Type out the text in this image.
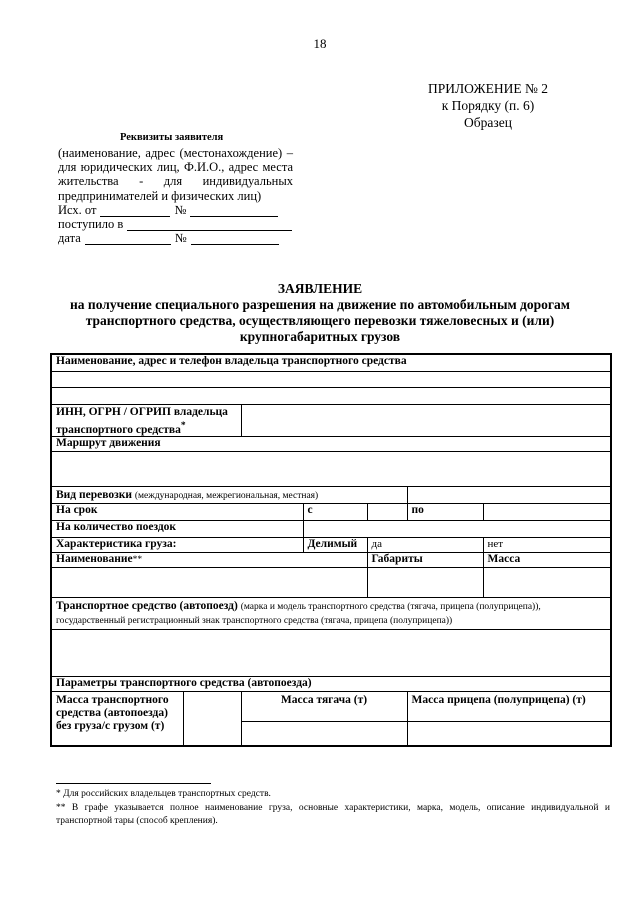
18
ПРИЛОЖЕНИЕ № 2
к Порядку (п. 6)
Образец
Реквизиты заявителя
(наименование, адрес (местонахождение) – для юридических лиц, Ф.И.О., адрес места жительства - для индивидуальных предпринимателей и физических лиц)
Исх. от	№
поступило в
дата	№
ЗАЯВЛЕНИЕ
на получение специального разрешения на движение по автомобильным дорогам транспортного средства, осуществляющего перевозки тяжеловесных и (или) крупногабаритных грузов
Наименование, адрес и телефон владельца транспортного средства						

ИНН, ОГРН / ОГРИП владельца транспортного средства*	
Маршрут движения						

Вид перевозки (международная, межрегиональная, местная)						
На срок			с		по	
На количество поездок						
Характеристика груза:			Делимый	да		нет
Наименование**				Габариты		Масса

Транспортное средство (автопоезд) (марка и модель транспортного средства (тягача, прицепа (полуприцепа)), государственный регистрационный знак транспортного средства (тягача, прицепа (полуприцепа))						

Параметры транспортного средства (автопоезда)						
Масса транспортного средства (автопоезда) без груза/с грузом (т)		Масса тягача (т)			Масса прицепа (полуприцепа) (т)	

* Для российских владельцев транспортных средств.
** В графе указывается полное наименование груза, основные характеристики, марка, модель, описание индивидуальной и транспортной тары (способ крепления).
